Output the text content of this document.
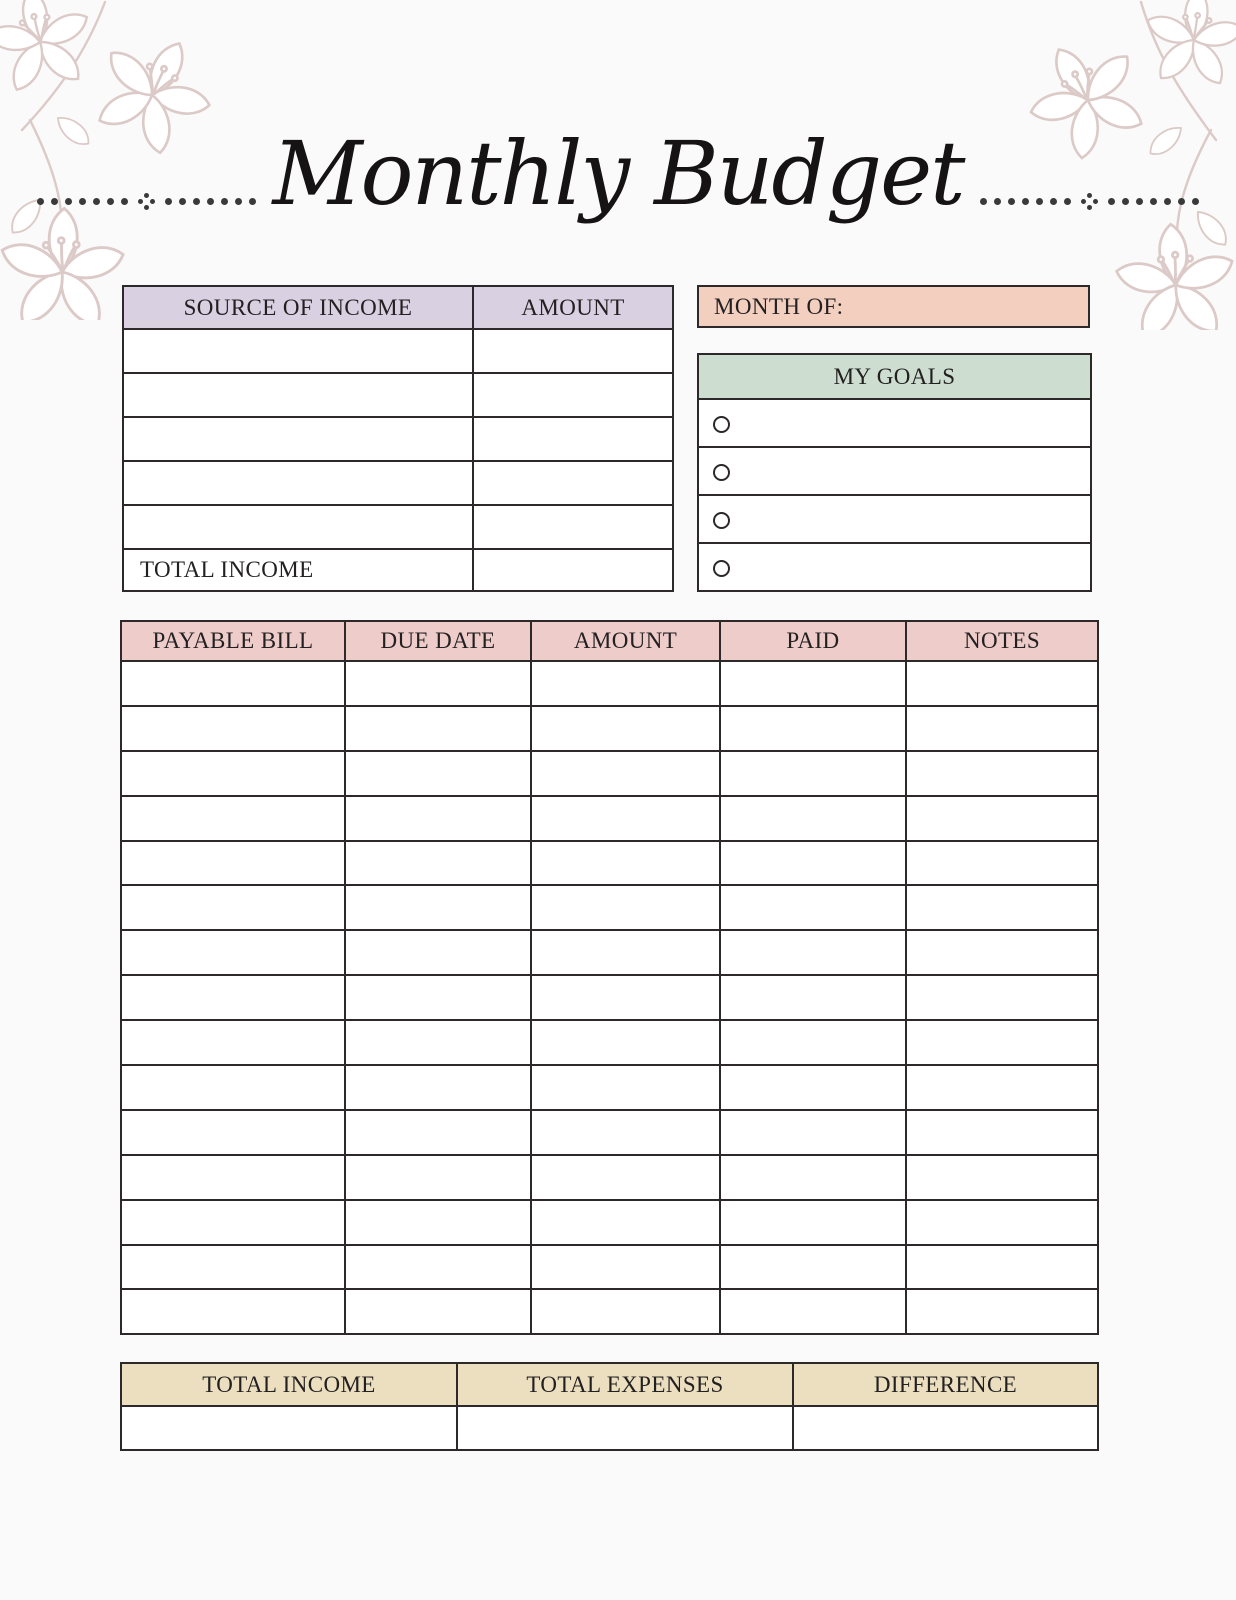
Monthly Budget
SOURCE OF INCOME	AMOUNT

TOTAL INCOME	
MONTH OF:
MY GOALS

PAYABLE BILL	DUE DATE	AMOUNT	PAID	NOTES

TOTAL INCOME	TOTAL EXPENSES	DIFFERENCE
